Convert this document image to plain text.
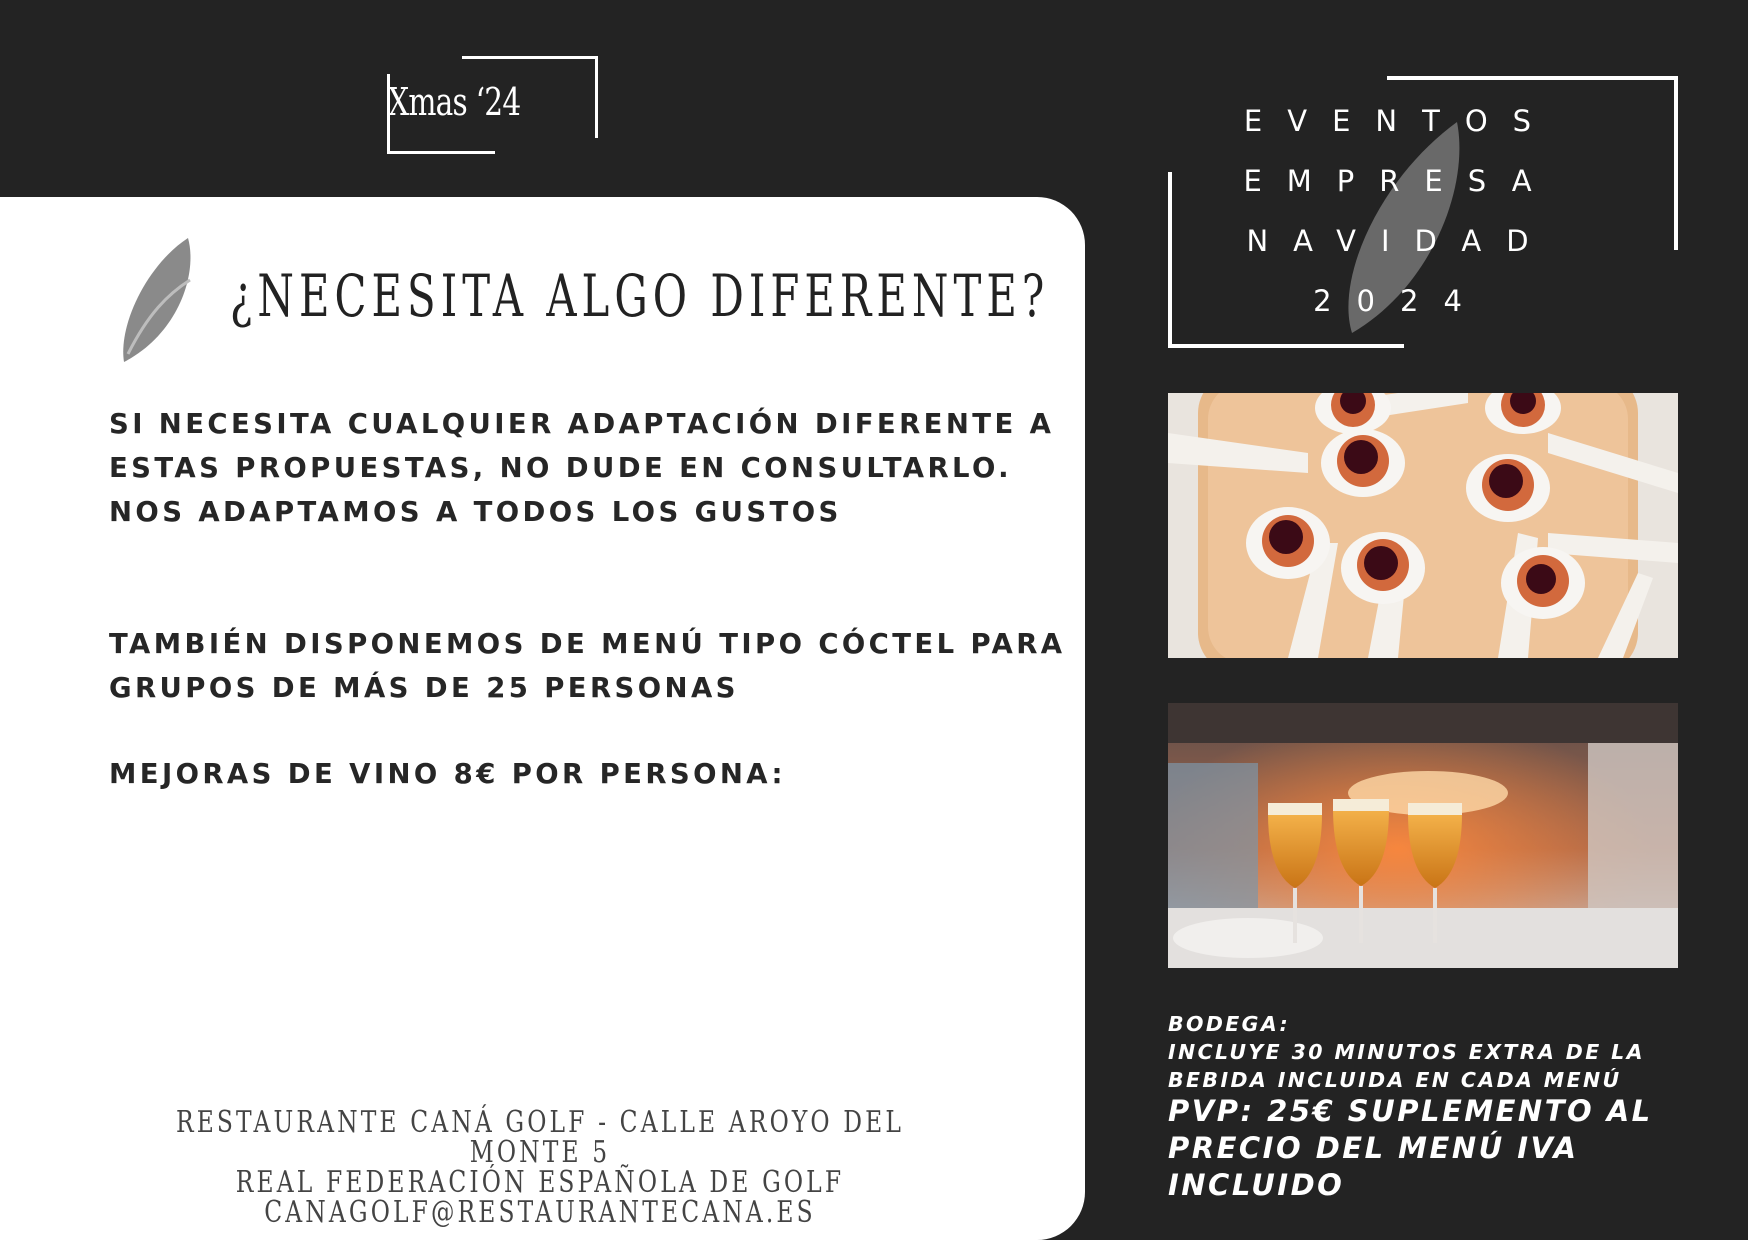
Xmas ‘24
¿NECESITA ALGO DIFERENTE?
SI NECESITA CUALQUIER ADAPTACIÓN DIFERENTE A ESTAS PROPUESTAS, NO DUDE EN CONSULTARLO. NOS ADAPTAMOS A TODOS LOS GUSTOS
TAMBIÉN DISPONEMOS DE MENÚ TIPO CÓCTEL PARA GRUPOS DE MÁS DE 25 PERSONAS
MEJORAS DE VINO 8€ POR PERSONA:
RESTAURANTE CANÁ GOLF - CALLE AROYO DEL MONTE 5
REAL FEDERACIÓN ESPAÑOLA DE GOLF
CANAGOLF@RESTAURANTECANA.ES
EVENTOS
EMPRESA
NAVIDAD
2024
BODEGA:
INCLUYE 30 MINUTOS EXTRA DE LA
BEBIDA INCLUIDA EN CADA MENÚ
PVP: 25€ SUPLEMENTO AL
PRECIO DEL MENÚ IVA
INCLUIDO
